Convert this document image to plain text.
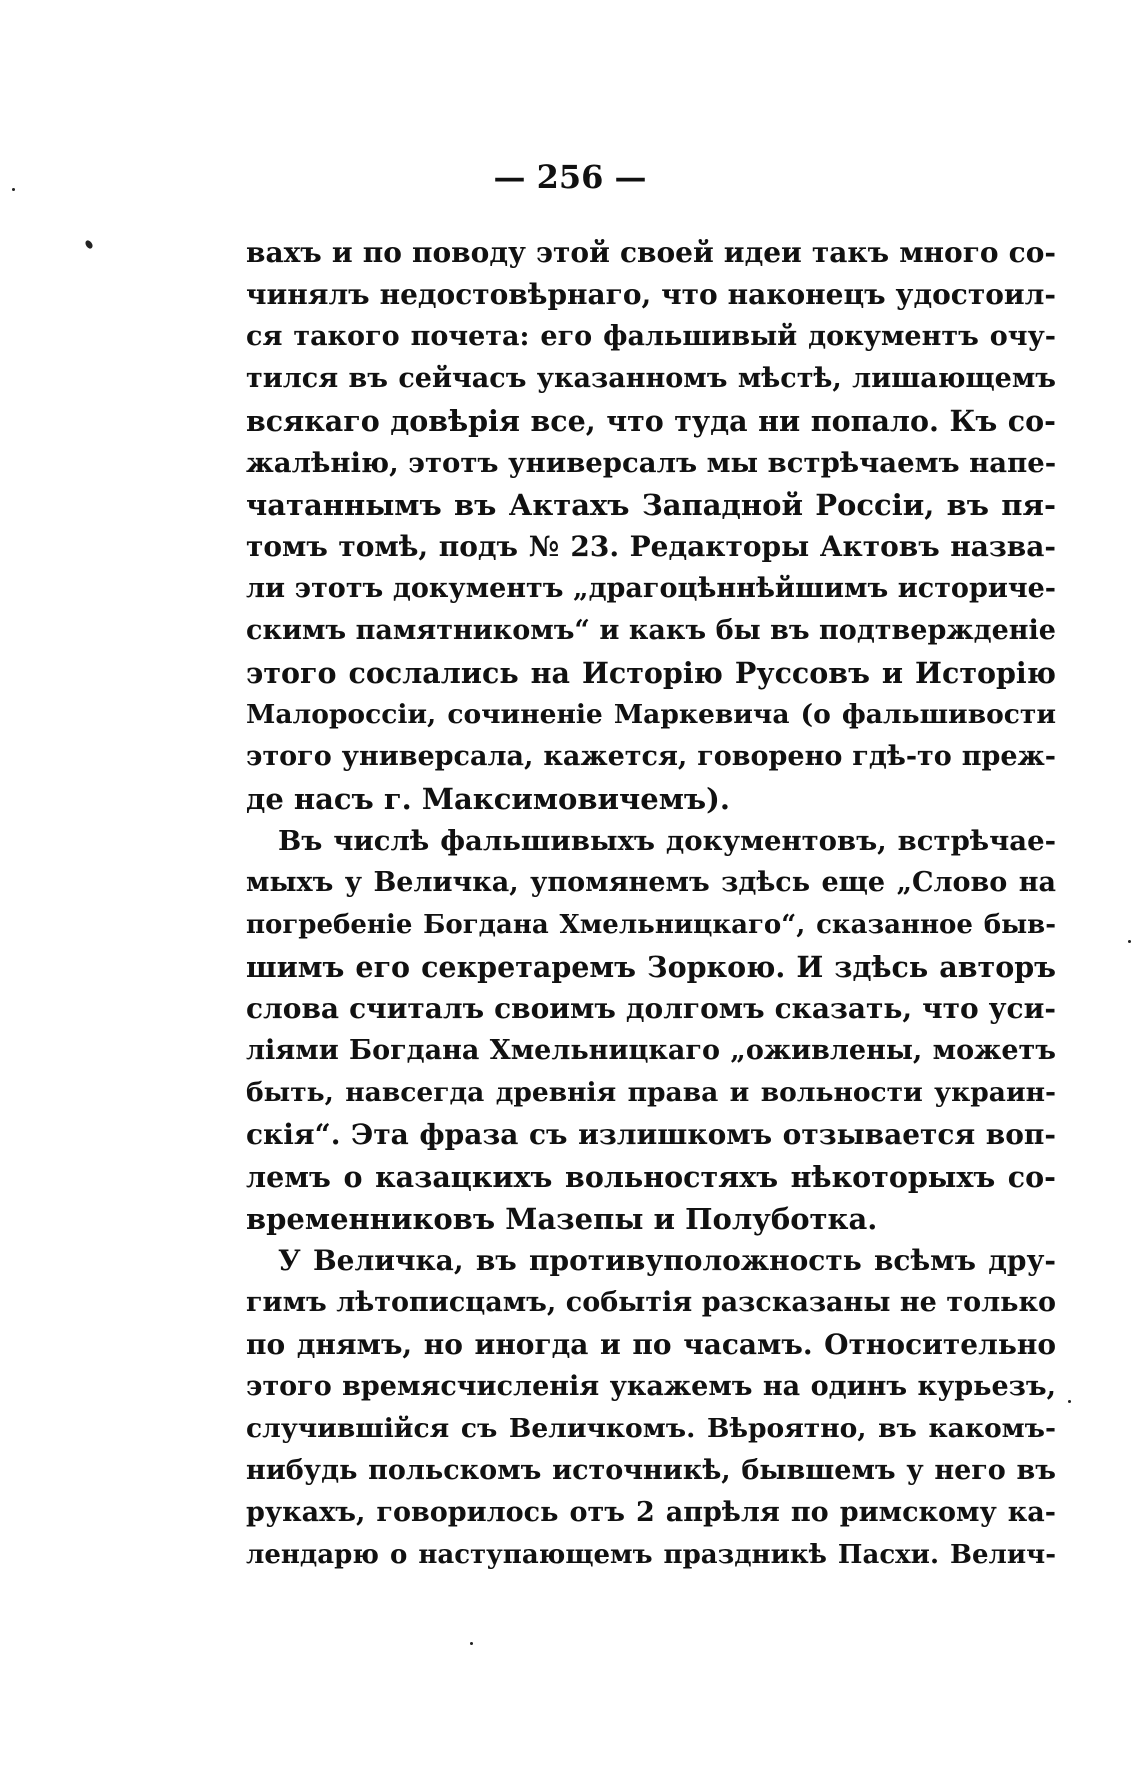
— 256 —
вахъ и по поводу этой своей идеи такъ много со-
чинялъ недостовѣрнаго, что наконецъ удостоил-
ся такого почета: его фальшивый документъ очу-
тился въ сейчасъ указанномъ мѣстѣ, лишающемъ
всякаго довѣрія все, что туда ни попало. Къ со-
жалѣнію, этотъ универсалъ мы встрѣчаемъ напе-
чатаннымъ въ Актахъ Западной Россіи, въ пя-
томъ томѣ, подъ № 23. Редакторы Актовъ назва-
ли этотъ документъ „драгоцѣннѣйшимъ историче-
скимъ памятникомъ“ и какъ бы въ подтвержденіе
этого сослались на Исторію Руссовъ и Исторію
Малороссіи, сочиненіе Маркевича (о фальшивости
этого универсала, кажется, говорено гдѣ-то преж-
де насъ г. Максимовичемъ).
Въ числѣ фальшивыхъ документовъ, встрѣчае-
мыхъ у Величка, упомянемъ здѣсь еще „Слово на
погребеніе Богдана Хмельницкаго“, сказанное быв-
шимъ его секретаремъ Зоркою. И здѣсь авторъ
слова считалъ своимъ долгомъ сказать, что уси-
ліями Богдана Хмельницкаго „оживлены, можетъ
быть, навсегда древнія права и вольности украин-
скія“. Эта фраза съ излишкомъ отзывается воп-
лемъ о казацкихъ вольностяхъ нѣкоторыхъ со-
временниковъ Мазепы и Полуботка.
У Величка, въ противуположность всѣмъ дру-
гимъ лѣтописцамъ, событія разсказаны не только
по днямъ, но иногда и по часамъ. Относительно
этого времясчисленія укажемъ на одинъ курьезъ,
случившійся съ Величкомъ. Вѣроятно, въ какомъ-
нибудь польскомъ источникѣ, бывшемъ у него въ
рукахъ, говорилось отъ 2 апрѣля по римскому ка-
лендарю о наступающемъ праздникѣ Пасхи. Велич-
